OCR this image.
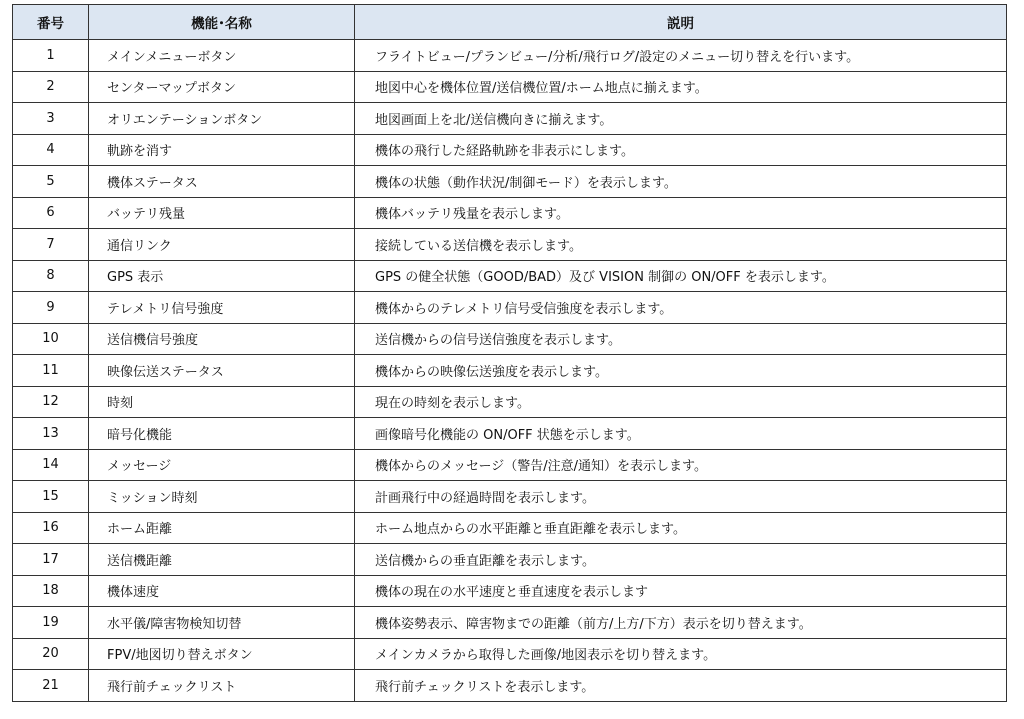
番号	機能･名称	説明
1	メインメニューボタン	フライトビュー/プランビュー/分析/飛行ログ/設定のメニュー切り替えを行います。
2	センターマップボタン	地図中心を機体位置/送信機位置/ホーム地点に揃えます。
3	オリエンテーションボタン	地図画面上を北/送信機向きに揃えます。
4	軌跡を消す	機体の飛行した経路軌跡を非表示にします。
5	機体ステータス	機体の状態（動作状況/制御モード）を表示します。
6	バッテリ残量	機体バッテリ残量を表示します。
7	通信リンク	接続している送信機を表示します。
8	GPS 表示	GPS の健全状態（GOOD/BAD）及び VISION 制御の ON/OFF を表示します。
9	テレメトリ信号強度	機体からのテレメトリ信号受信強度を表示します。
10	送信機信号強度	送信機からの信号送信強度を表示します。
11	映像伝送ステータス	機体からの映像伝送強度を表示します。
12	時刻	現在の時刻を表示します。
13	暗号化機能	画像暗号化機能の ON/OFF 状態を示します。
14	メッセージ	機体からのメッセージ（警告/注意/通知）を表示します。
15	ミッション時刻	計画飛行中の経過時間を表示します。
16	ホーム距離	ホーム地点からの水平距離と垂直距離を表示します。
17	送信機距離	送信機からの垂直距離を表示します。
18	機体速度	機体の現在の水平速度と垂直速度を表示します
19	水平儀/障害物検知切替	機体姿勢表示、障害物までの距離（前方/上方/下方）表示を切り替えます。
20	FPV/地図切り替えボタン	メインカメラから取得した画像/地図表示を切り替えます。
21	飛行前チェックリスト	飛行前チェックリストを表示します。
